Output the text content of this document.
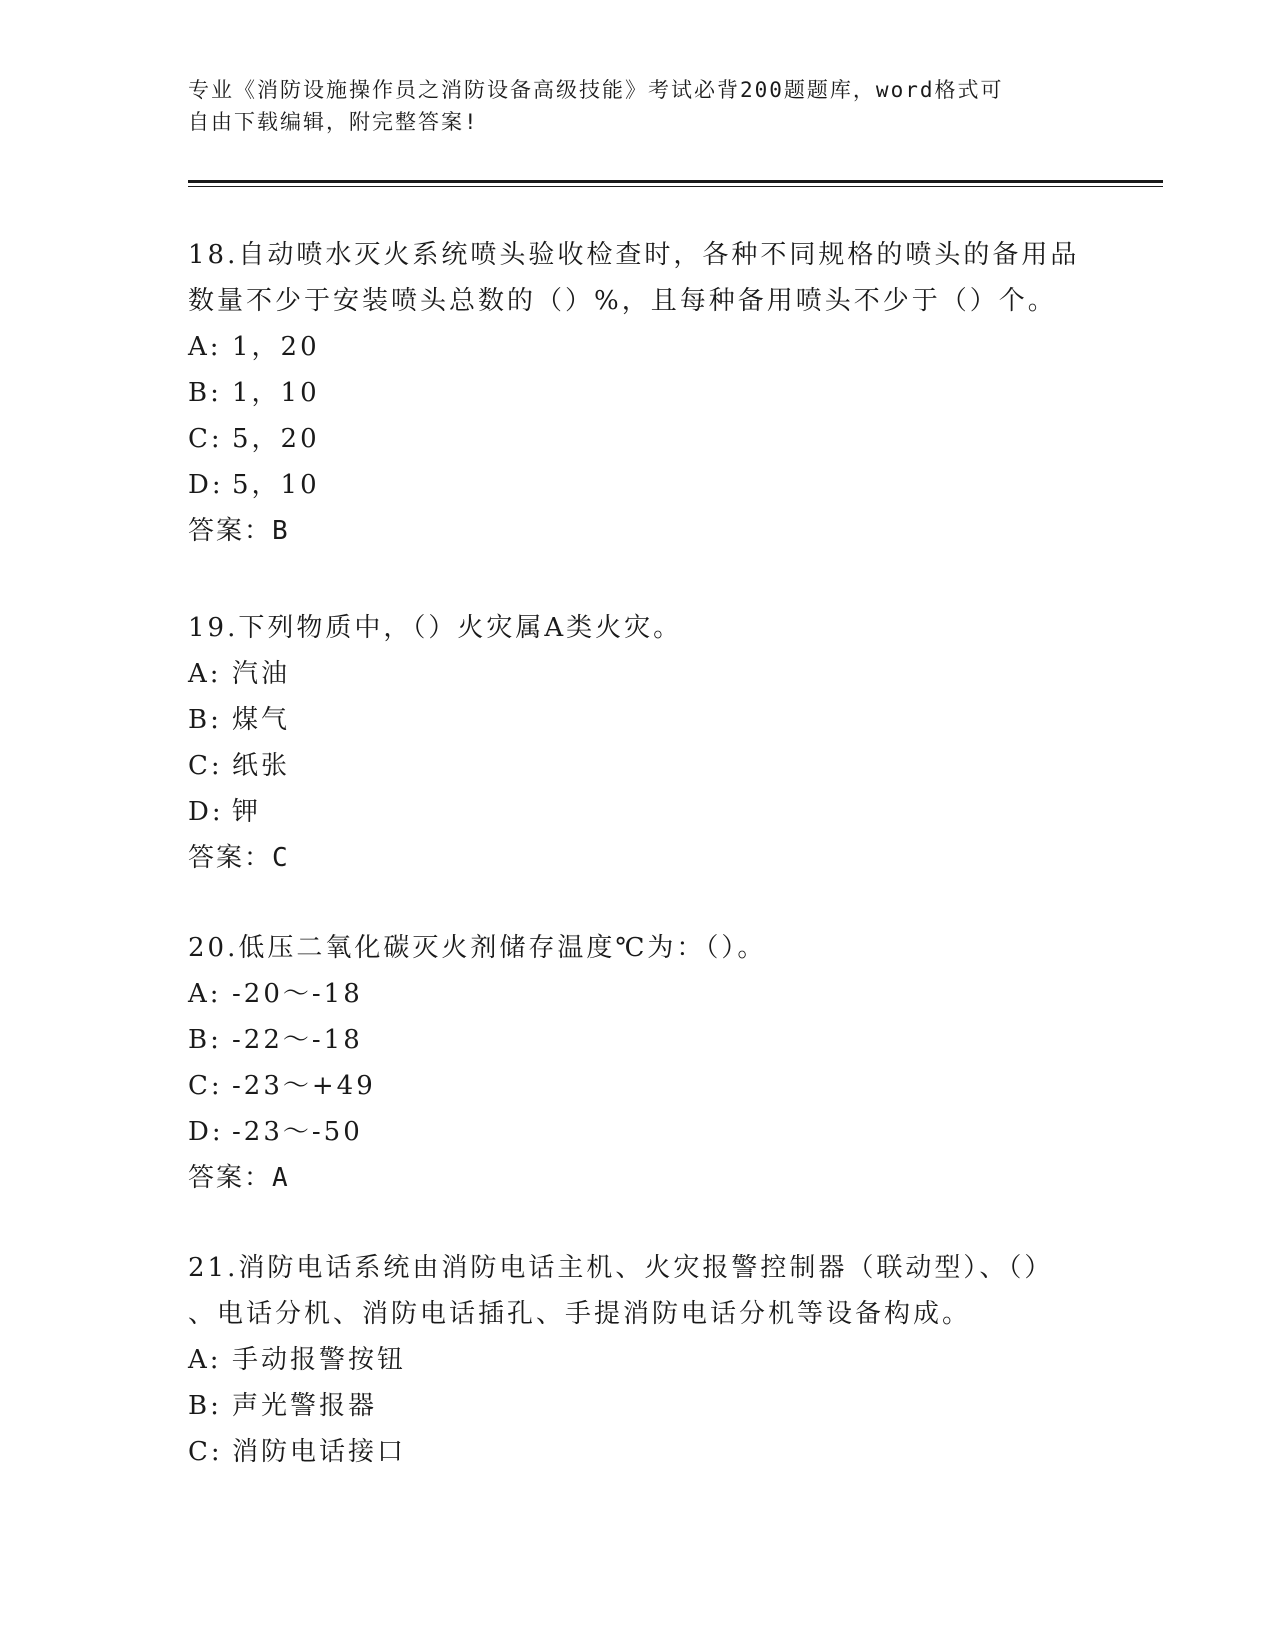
专业《消防设施操作员之消防设备高级技能》考试必背200题题库，word格式可
自由下载编辑，附完整答案!

18.自动喷水灭火系统喷头验收检查时，各种不同规格的喷头的备用品

数量不少于安装喷头总数的（）%，且每种备用喷头不少于（）个。

A: 1，20

B: 1，10

C: 5，20

D: 5，10

答案：B

19.下列物质中，（）火灾属A类火灾。

A: 汽油

B: 煤气

C: 纸张

D: 钾

答案：C

20.低压二氧化碳灭火剂储存温度℃为：（）。

A: -20～-18

B: -22～-18

C: -23～+49

D: -23～-50

答案：A

21.消防电话系统由消防电话主机、火灾报警控制器（联动型）、（）

、电话分机、消防电话插孔、手提消防电话分机等设备构成。

A: 手动报警按钮

B: 声光警报器

C: 消防电话接口
